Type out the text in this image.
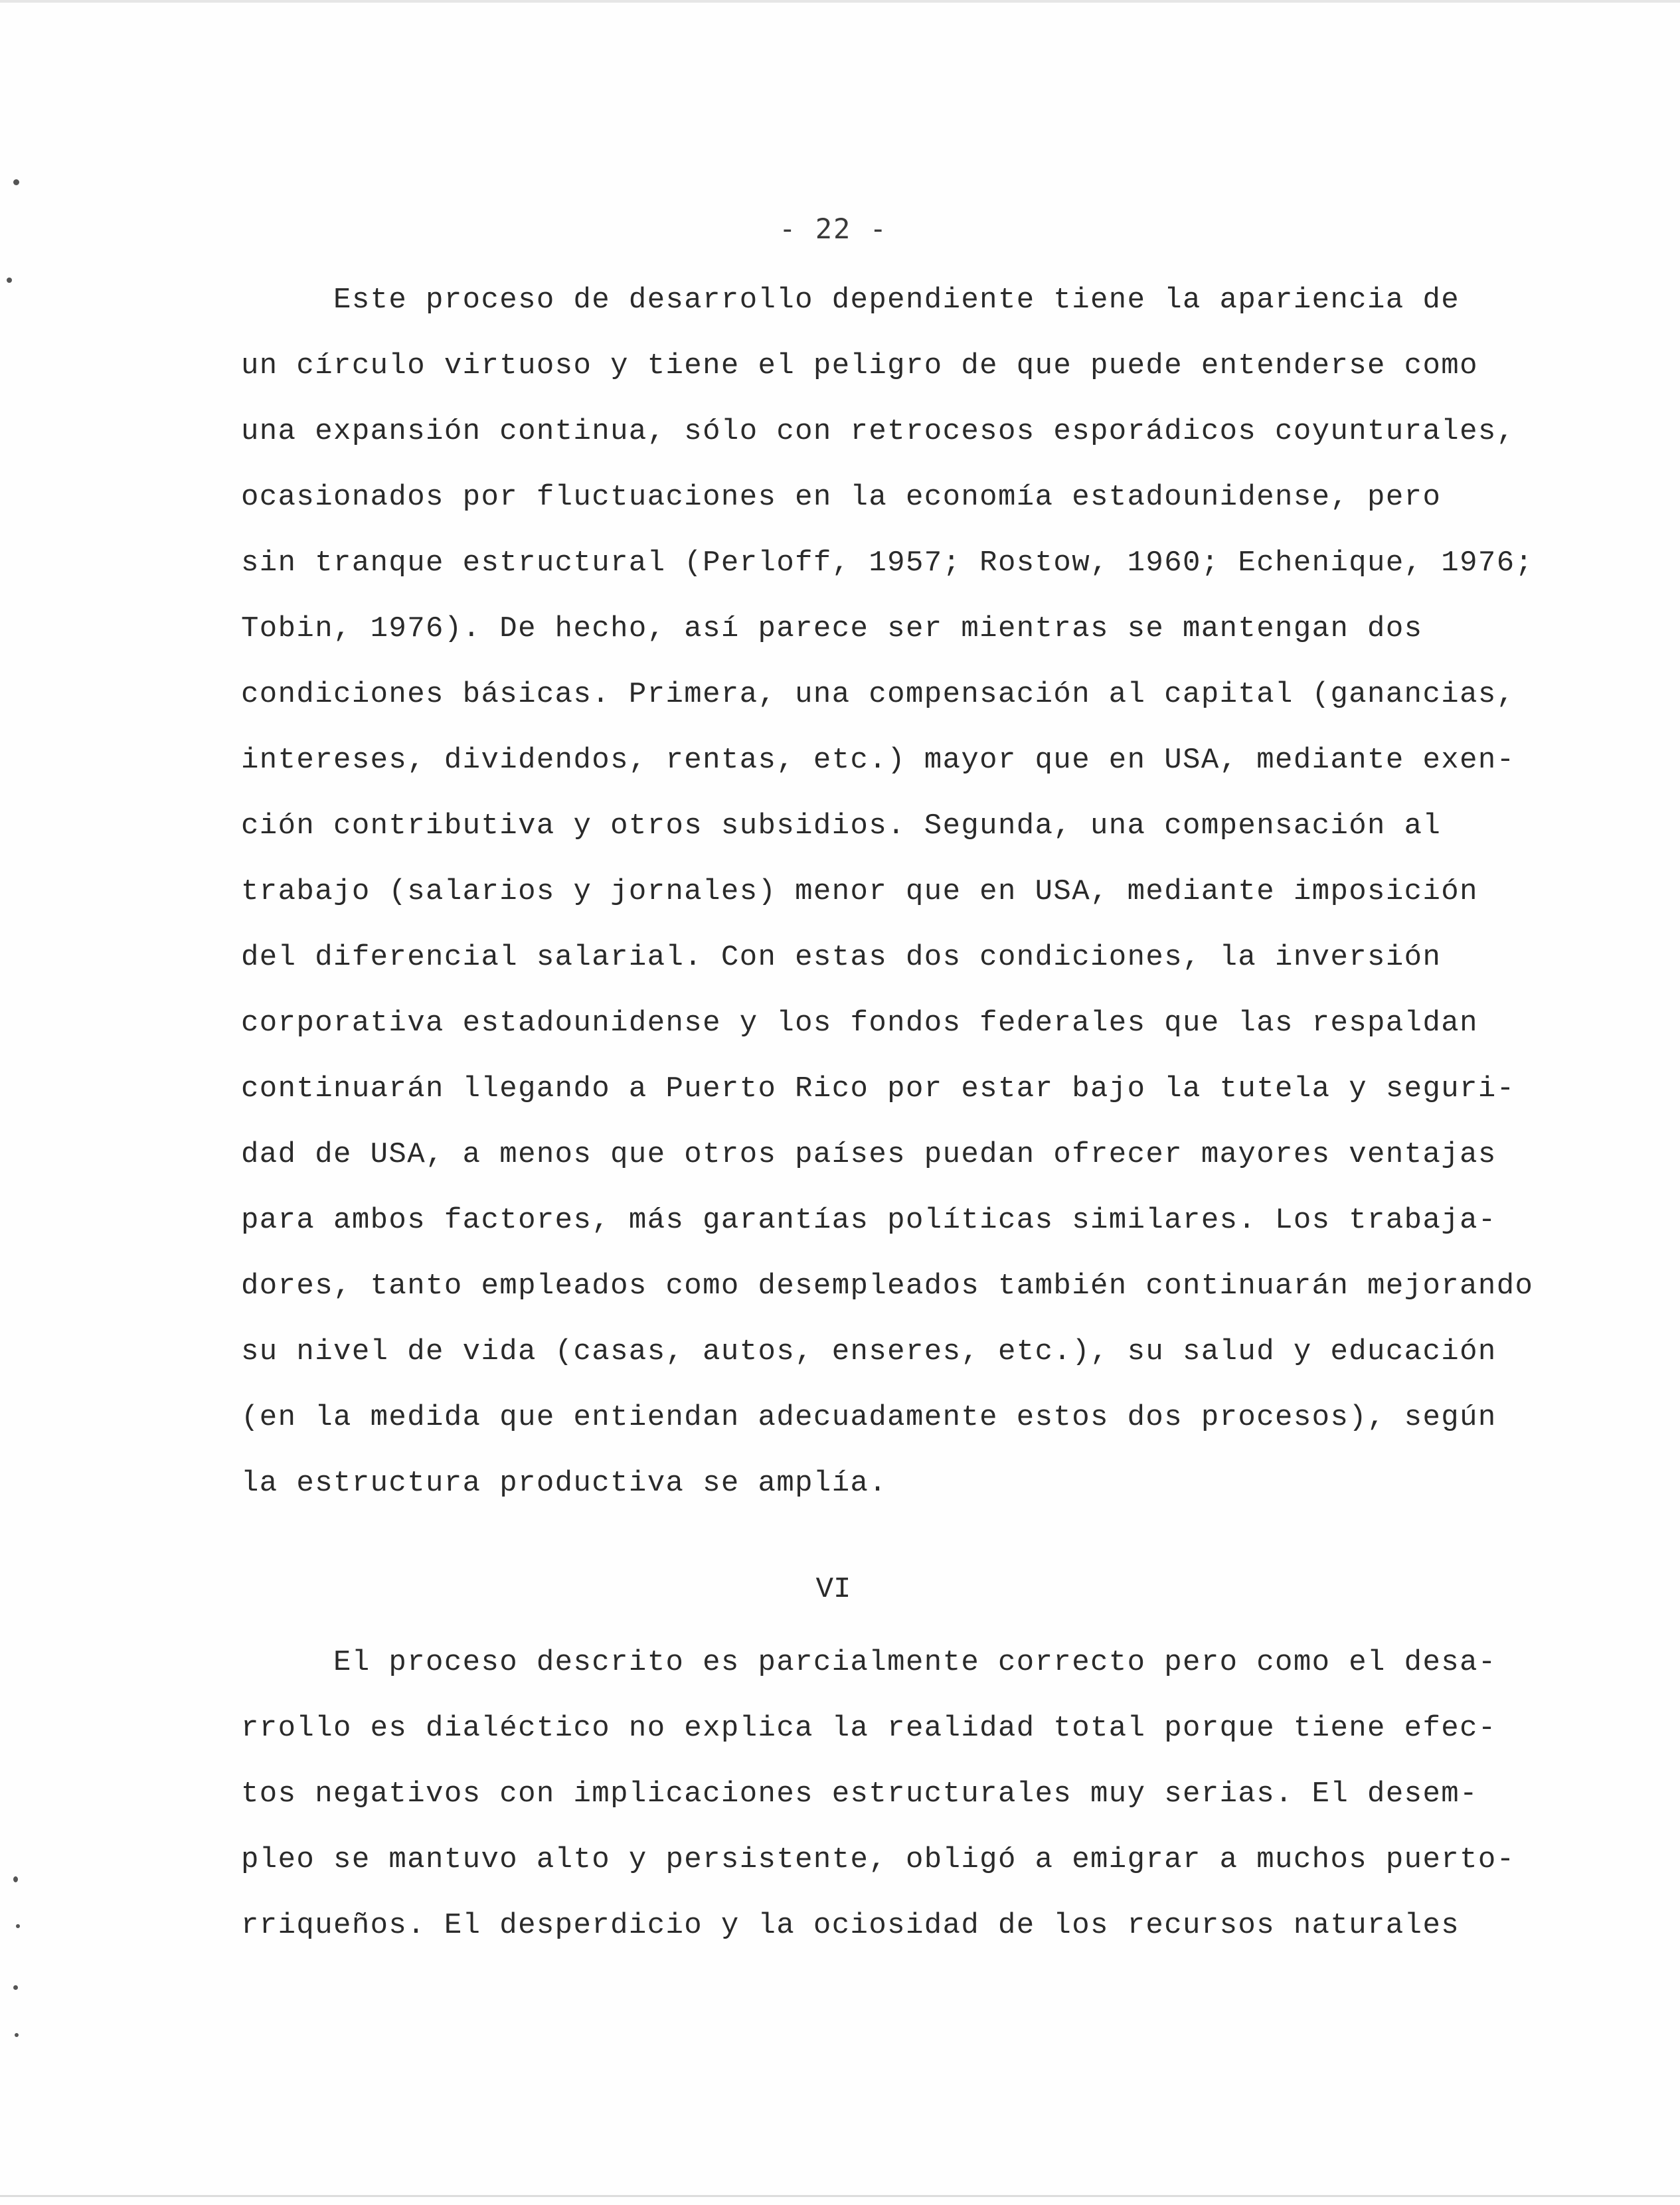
- 22 -
Este proceso de desarrollo dependiente tiene la apariencia de
un círculo virtuoso y tiene el peligro de que puede entenderse como
una expansión continua, sólo con retrocesos esporádicos coyunturales,
ocasionados por fluctuaciones en la economía estadounidense, pero
sin tranque estructural (Perloff, 1957; Rostow, 1960; Echenique, 1976;
Tobin, 1976). De hecho, así parece ser mientras se mantengan dos
condiciones básicas. Primera, una compensación al capital (ganancias,
intereses, dividendos, rentas, etc.) mayor que en USA, mediante exen-
ción contributiva y otros subsidios. Segunda, una compensación al
trabajo (salarios y jornales) menor que en USA, mediante imposición
del diferencial salarial. Con estas dos condiciones, la inversión
corporativa estadounidense y los fondos federales que las respaldan
continuarán llegando a Puerto Rico por estar bajo la tutela y seguri-
dad de USA, a menos que otros países puedan ofrecer mayores ventajas
para ambos factores, más garantías políticas similares. Los trabaja-
dores, tanto empleados como desempleados también continuarán mejorando
su nivel de vida (casas, autos, enseres, etc.), su salud y educación
(en la medida que entiendan adecuadamente estos dos procesos), según
la estructura productiva se amplía.
VI
El proceso descrito es parcialmente correcto pero como el desa-
rrollo es dialéctico no explica la realidad total porque tiene efec-
tos negativos con implicaciones estructurales muy serias. El desem-
pleo se mantuvo alto y persistente, obligó a emigrar a muchos puerto-
rriqueños. El desperdicio y la ociosidad de los recursos naturales
